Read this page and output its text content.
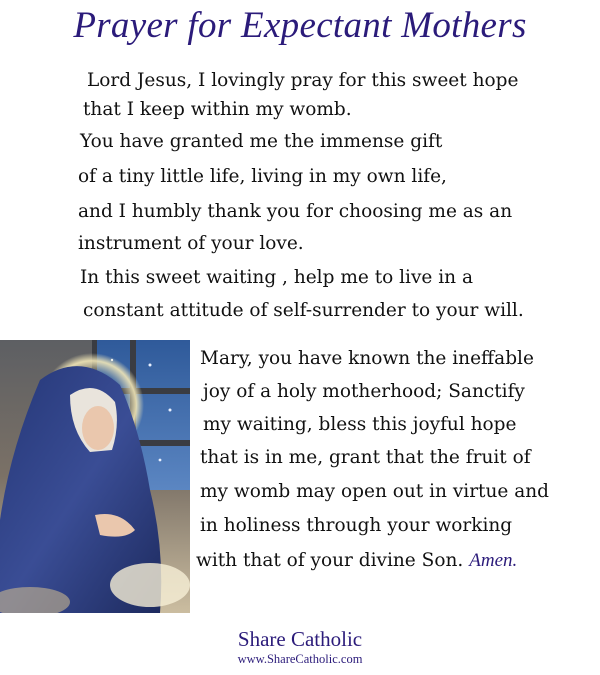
Prayer for Expectant Mothers
Lord Jesus, I lovingly pray for this sweet hope
that I keep within my womb.
You have granted me the immense gift
of a tiny little life, living in my own life,
and I humbly thank you for choosing me as an
instrument of your love.
In this sweet waiting , help me to live in a
constant attitude of self-surrender to your will.
Mary, you have known the ineffable
joy of a holy motherhood; Sanctify
my waiting, bless this joyful hope
that is in me, grant that the fruit of
my womb may open out in virtue and
in holiness through your working
with that of your divine Son. Amen.
Share Catholic
www.ShareCatholic.com
